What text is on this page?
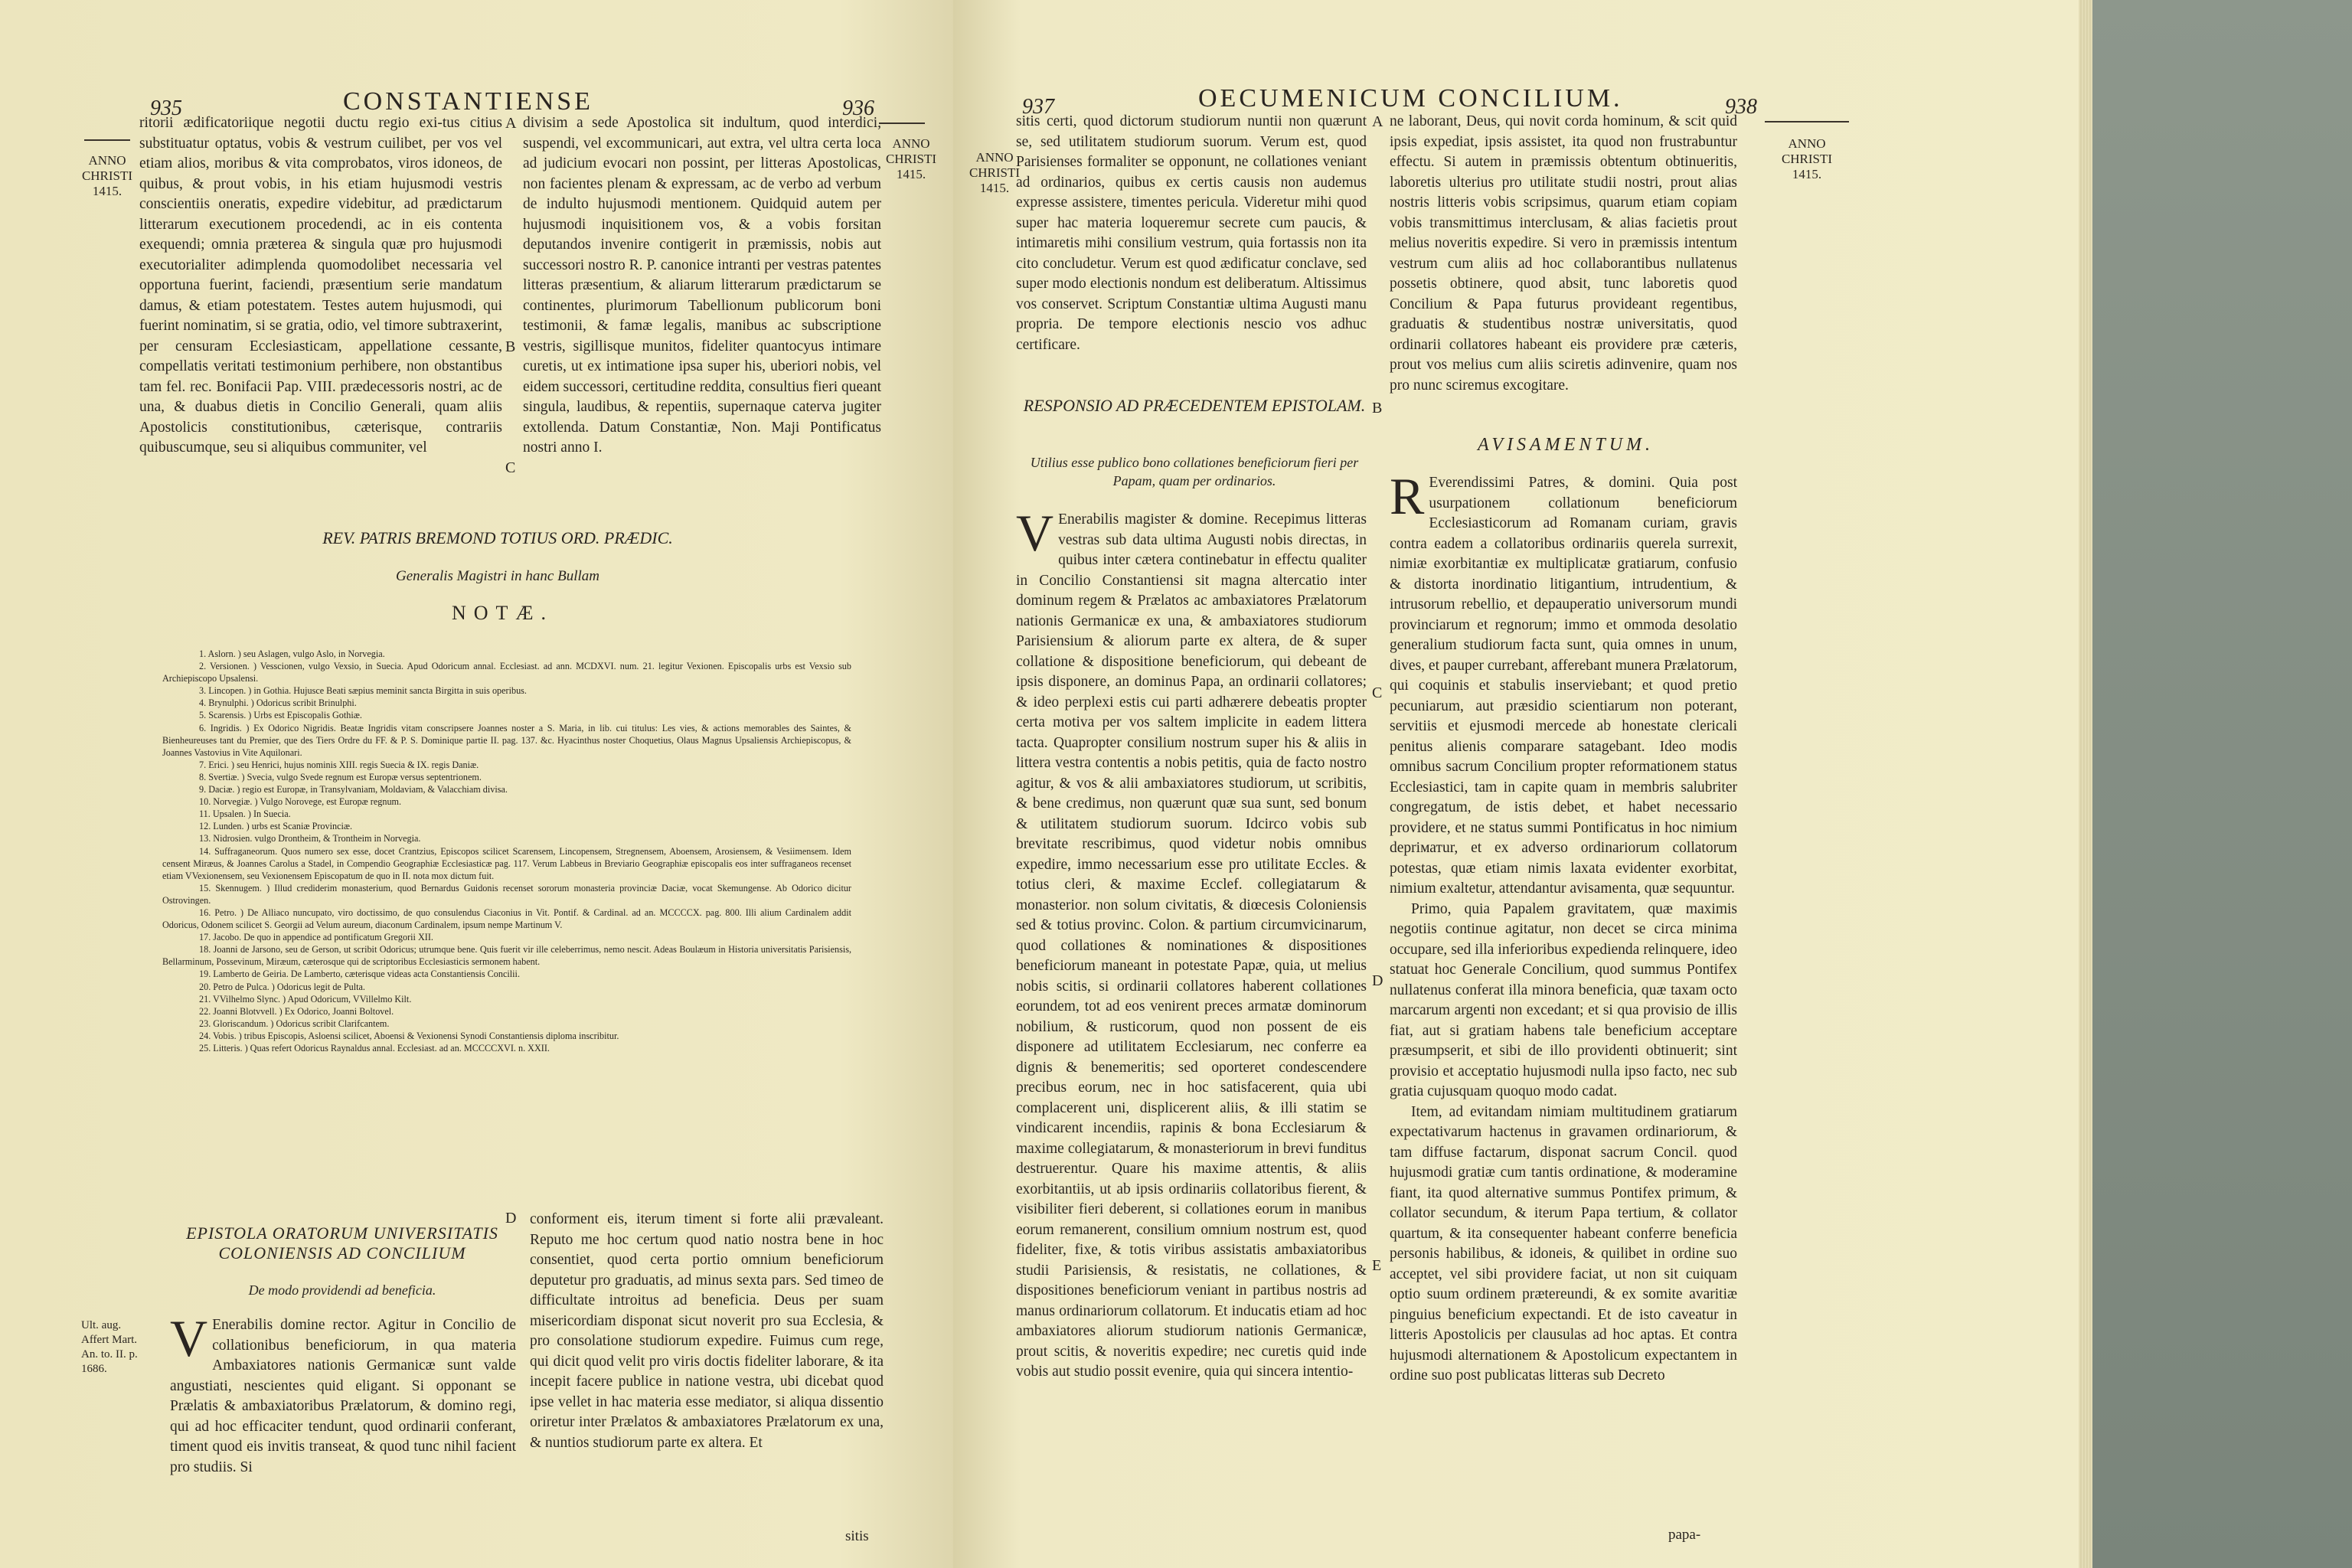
935	CONSTANTIENSE	936
ANNO CHRISTI 1415.
ANNO CHRISTI 1415.
ritorii ædificatoriique negotii ductu regio exi-tus citius substituatur optatus, vobis & vestrum cuilibet, per vos vel etiam alios, moribus & vita comprobatos, viros idoneos, de quibus, & prout vobis, in his etiam hujusmodi vestris conscientiis oneratis, expedire videbitur, ad prædictarum litterarum executionem procedendi, ac in eis contenta exequendi; omnia præterea & singula quæ pro hujusmodi executorialiter adimplenda quomodolibet necessaria vel opportuna fuerint, faciendi, præsentium serie mandatum damus, & etiam potestatem. Testes autem hujusmodi, qui fuerint nominatim, si se gratia, odio, vel timore subtraxerint, per censuram Ecclesiasticam, appellatione cessante, compellatis veritati testimonium perhibere, non obstantibus tam fel. rec. Bonifacii Pap. VIII. prædecessoris nostri, ac de una, & duabus dietis in Concilio Generali, quam aliis Apostolicis constitutionibus, cæterisque, contrariis quibuscumque, seu si aliquibus communiter, vel
divisim a sede Apostolica sit indultum, quod interdici, suspendi, vel excommunicari, aut extra, vel ultra certa loca ad judicium evocari non possint, per litteras Apostolicas, non facientes plenam & expressam, ac de verbo ad verbum de indulto hujusmodi mentionem. Quidquid autem per hujusmodi inquisitionem vos, & a vobis forsitan deputandos invenire contigerit in præmissis, nobis aut successori nostro R. P. canonice intranti per vestras patentes litteras præsentium, & aliarum litterarum prædictarum se continentes, plurimorum Tabellionum publicorum boni testimonii, & famæ legalis, manibus ac subscriptione vestris, sigillisque munitos, fideliter quantocyus intimare curetis, ut ex intimatione ipsa super his, uberiori nobis, vel eidem successori, certitudine reddita, consultius fieri queant singula, laudibus, & repentiis, supernaque caterva jugiter extollenda. Datum Constantiæ, Non. Maji Pontificatus nostri anno I.
A
B
C
D
REV. PATRIS BREMOND TOTIUS ORD. PRÆDIC.
Generalis Magistri in hanc Bullam
NOTÆ.

1. Aslorn. ) seu Aslagen, vulgo Aslo, in Norvegia.

2. Versionen. ) Vesscionen, vulgo Vexsio, in Suecia. Apud Odoricum annal. Ecclesiast. ad ann. MCDXVI. num. 21. legitur Vexionen. Episcopalis urbs est Vexsio sub Archiepiscopo Upsalensi.

3. Lincopen. ) in Gothia. Hujusce Beati sæpius meminit sancta Birgitta in suis operibus.

4. Brynulphi. ) Odoricus scribit Brinulphi.

5. Scarensis. ) Urbs est Episcopalis Gothiæ.

6. Ingridis. ) Ex Odorico Nigridis. Beatæ Ingridis vitam conscripsere Joannes noster a S. Maria, in lib. cui titulus: Les vies, & actions memorables des Saintes, & Bienheureuses tant du Premier, que des Tiers Ordre du FF. & P. S. Dominique partie II. pag. 137. &c. Hyacinthus noster Choquetius, Olaus Magnus Upsaliensis Archiepiscopus, & Joannes Vastovius in Vite Aquilonari.

7. Erici. ) seu Henrici, hujus nominis XIII. regis Suecia & IX. regis Daniæ.

8. Svertiæ. ) Svecia, vulgo Svede regnum est Europæ versus septentrionem.

9. Daciæ. ) regio est Europæ, in Transylvaniam, Moldaviam, & Valacchiam divisa.

10. Norvegiæ. ) Vulgo Norovege, est Europæ regnum.

11. Upsalen. ) In Suecia.

12. Lunden. ) urbs est Scaniæ Provinciæ.

13. Nidrosien. vulgo Drontheim, & Trontheim in Norvegia.

14. Suffraganeorum. Quos numero sex esse, docet Crantzius, Episcopos scilicet Scarensem, Lincopensem, Stregnensem, Aboensem, Arosiensem, & Vesiimensem. Idem censent Miræus, & Joannes Carolus a Stadel, in Compendio Geographiæ Ecclesiasticæ pag. 117. Verum Labbeus in Breviario Geographiæ episcopalis eos inter suffraganeos recenset etiam VVexionensem, seu Vexionensem Episcopatum de quo in II. nota mox dictum fuit.

15. Skennugem. ) Illud crediderim monasterium, quod Bernardus Guidonis recenset sororum monasteria provinciæ Daciæ, vocat Skemungense. Ab Odorico dicitur Ostrovingen.

16. Petro. ) De Alliaco nuncupato, viro doctissimo, de quo consulendus Ciaconius in Vit. Pontif. & Cardinal. ad an. MCCCCX. pag. 800. Illi alium Cardinalem addit Odoricus, Odonem scilicet S. Georgii ad Velum aureum, diaconum Cardinalem, ipsum nempe Martinum V.

17. Jacobo. De quo in appendice ad pontificatum Gregorii XII.

18. Joanni de Jarsono, seu de Gerson, ut scribit Odoricus; utrumque bene. Quis fuerit vir ille celeberrimus, nemo nescit. Adeas Boulæum in Historia universitatis Parisiensis, Bellarminum, Possevinum, Miræum, cæterosque qui de scriptoribus Ecclesiasticis sermonem habent.

19. Lamberto de Geiria. De Lamberto, cæterisque videas acta Constantiensis Concilii.

20. Petro de Pulca. ) Odoricus legit de Pulta.

21. VVilhelmo Slync. ) Apud Odoricum, VVillelmo Kilt.

22. Joanni Blotvvell. ) Ex Odorico, Joanni Boltovel.

23. Gloriscandum. ) Odoricus scribit Clarifcantem.

24. Vobis. ) tribus Episcopis, Asloensi scilicet, Aboensi & Vexionensi Synodi Constantiensis diploma inscribitur.

25. Litteris. ) Quas refert Odoricus Raynaldus annal. Ecclesiast. ad an. MCCCCXVI. n. XXII.

EPISTOLA ORATORUM UNIVERSITATIS COLONIENSIS AD CONCILIUM
De modo providendi ad beneficia.
Ult. aug. Affert Mart. An. to. II. p. 1686.
V Enerabilis domine rector. Agitur in Concilio de collationibus beneficiorum, in qua materia Ambaxiatores nationis Germanicæ sunt valde angustiati, nescientes quid eligant. Si opponant se Prælatis & ambaxiatoribus Prælatorum, & domino regi, qui ad hoc efficaciter tendunt, quod ordinarii conferant, timent quod eis invitis transeat, & quod tunc nihil facient pro studiis. Si
conforment eis, iterum timent si forte alii prævaleant. Reputo me hoc certum quod natio nostra bene in hoc consentiet, quod certa portio omnium beneficiorum deputetur pro graduatis, ad minus sexta pars. Sed timeo de difficultate introitus ad beneficia. Deus per suam misericordiam disponat sicut noverit pro sua Ecclesia, & pro consolatione studiorum expedire. Fuimus cum rege, qui dicit quod velit pro viris doctis fideliter laborare, & ita incepit facere publice in natione vestra, ubi dicebat quod ipse vellet in hac materia esse mediator, si aliqua dissentio oriretur inter Prælatos & ambaxiatores Prælatorum ex una, & nuntios studiorum parte ex altera. Et
sitis
937	OECUMENICUM CONCILIUM.	938
ANNO CHRISTI 1415.
ANNO CHRISTI 1415.
sitis certi, quod dictorum studiorum nuntii non quærunt se, sed utilitatem studiorum suorum. Verum est, quod Parisienses formaliter se opponunt, ne collationes veniant ad ordinarios, quibus ex certis causis non audemus expresse assistere, timentes pericula. Videretur mihi quod super hac materia loqueremur secrete cum paucis, & intimaretis mihi consilium vestrum, quia fortassis non ita cito concludetur. Verum est quod ædificatur conclave, sed super modo electionis nondum est deliberatum. Altissimus vos conservet. Scriptum Constantiæ ultima Augusti manu propria. De tempore electionis nescio vos adhuc certificare.
ne laborant, Deus, qui novit corda hominum, & scit quid ipsis expediat, ipsis assistet, ita quod non frustrabuntur effectu. Si autem in præmissis obtentum obtinueritis, laboretis ulterius pro utilitate studii nostri, prout alias nostris litteris vobis scripsimus, quarum etiam copiam vobis transmittimus interclusam, & alias facietis prout melius noveritis expedire. Si vero in præmissis intentum vestrum cum aliis ad hoc collaborantibus nullatenus possetis obtinere, quod absit, tunc laboretis quod Concilium & Papa futurus provideant regentibus, graduatis & studentibus nostræ universitatis, quod ordinarii collatores habeant eis providere præ cæteris, prout vos melius cum aliis sciretis adinvenire, quam nos pro nunc sciremus excogitare.
A
B
C
D
E
RESPONSIO AD PRÆCEDENTEM EPISTOLAM.
Utilius esse publico bono collationes beneficiorum fieri per Papam, quam per ordinarios.
V Enerabilis magister & domine. Recepimus litteras vestras sub data ultima Augusti nobis directas, in quibus inter cætera continebatur in effectu qualiter in Concilio Constantiensi sit magna altercatio inter dominum regem & Prælatos ac ambaxiatores Prælatorum nationis Germanicæ ex una, & ambaxiatores studiorum Parisiensium & aliorum parte ex altera, de & super collatione & dispositione beneficiorum, qui debeant de ipsis disponere, an dominus Papa, an ordinarii collatores; & ideo perplexi estis cui parti adhærere debeatis propter certa motiva per vos saltem implicite in eadem littera tacta. Quapropter consilium nostrum super his & aliis in littera vestra contentis a nobis petitis, quia de facto nostro agitur, & vos & alii ambaxiatores studiorum, ut scribitis, & bene credimus, non quærunt quæ sua sunt, sed bonum & utilitatem studiorum suorum. Idcirco vobis sub brevitate rescribimus, quod videtur nobis omnibus expedire, immo necessarium esse pro utilitate Eccles. & totius cleri, & maxime Ecclef. collegiatarum & monasterior. non solum civitatis, & diœcesis Coloniensis sed & totius provinc. Colon. & partium circumvicinarum, quod collationes & nominationes & dispositiones beneficiorum maneant in potestate Papæ, quia, ut melius nobis scitis, si ordinarii collatores haberent collationes eorundem, tot ad eos venirent preces armatæ dominorum nobilium, & rusticorum, quod non possent de eis disponere ad utilitatem Ecclesiarum, nec conferre ea dignis & benemeritis; sed oporteret condescendere precibus eorum, nec in hoc satisfacerent, quia ubi complacerent uni, displicerent aliis, & illi statim se vindicarent incendiis, rapinis & bona Ecclesiarum & maxime collegiatarum, & monasteriorum in brevi funditus destruerentur. Quare his maxime attentis, & aliis exorbitantiis, ut ab ipsis ordinariis collatoribus fierent, & visibiliter fieri deberent, si collationes eorum in manibus eorum remanerent, consilium omnium nostrum est, quod fideliter, fixe, & totis viribus assistatis ambaxiatoribus studii Parisiensis, & resistatis, ne collationes, & dispositiones beneficiorum veniant in partibus nostris ad manus ordinariorum collatorum. Et inducatis etiam ad hoc ambaxiatores aliorum studiorum nationis Germanicæ, prout scitis, & noveritis expedire; nec curetis quid inde vobis aut studio possit evenire, quia qui sincera intentio-
AVISAMENTUM.

R Everendissimi Patres, & domini. Quia post usurpationem collationum beneficiorum Ecclesiasticorum ad Romanam curiam, gravis contra eadem a collatoribus ordinariis querela surrexit, nimiæ exorbitantiæ ex multiplicatæ gratiarum, confusio & distorta inordinatio litigantium, intrudentium, & intrusorum rebellio, et depauperatio universorum mundi provinciarum et regnorum; immo et ommoda desolatio generalium studiorum facta sunt, quia omnes in unum, dives, et pauper currebant, afferebant munera Prælatorum, qui coquinis et stabulis inserviebant; et quod pretio pecuniarum, aut præsidio scientiarum non poterant, servitiis et ejusmodi mercede ab honestate clericali penitus alienis comparare satagebant. Ideo modis omnibus sacrum Concilium propter reformationem status Ecclesiastici, tam in capite quam in membris salubriter congregatum, de istis debet, et habet necessario providere, et ne status summi Pontificatus in hoc nimium depriматur, et ex adverso ordinariorum collatorum potestas, quæ etiam nimis laxata evidenter exorbitat, nimium exaltetur, attendantur avisamenta, quæ sequuntur.

Primo, quia Papalem gravitatem, quæ maximis negotiis continue agitatur, non decet se circa minima occupare, sed illa inferioribus expedienda relinquere, ideo statuat hoc Generale Concilium, quod summus Pontifex nullatenus conferat illa minora beneficia, quæ taxam octo marcarum argenti non excedant; et si qua provisio de illis fiat, aut si gratiam habens tale beneficium acceptare præsumpserit, et sibi de illo providenti obtinuerit; sint provisio et acceptatio hujusmodi nulla ipso facto, nec sub gratia cujusquam quoquo modo cadat.

Item, ad evitandam nimiam multitudinem gratiarum expectativarum hactenus in gravamen ordinariorum, & tam diffuse factarum, disponat sacrum Concil. quod hujusmodi gratiæ cum tantis ordinatione, & moderamine fiant, ita quod alternative summus Pontifex primum, & collator secundum, & iterum Papa tertium, & collator quartum, & ita consequenter habeant conferre beneficia personis habilibus, & idoneis, & quilibet in ordine suo acceptet, vel sibi providere faciat, ut non sit cuiquam optio suum ordinem prætereundi, & ex somite avaritiæ pinguius beneficium expectandi. Et de isto caveatur in litteris Apostolicis per clausulas ad hoc aptas. Et contra hujusmodi alternationem & Apostolicum expectantem in ordine suo post publicatas litteras sub Decreto

papa-
